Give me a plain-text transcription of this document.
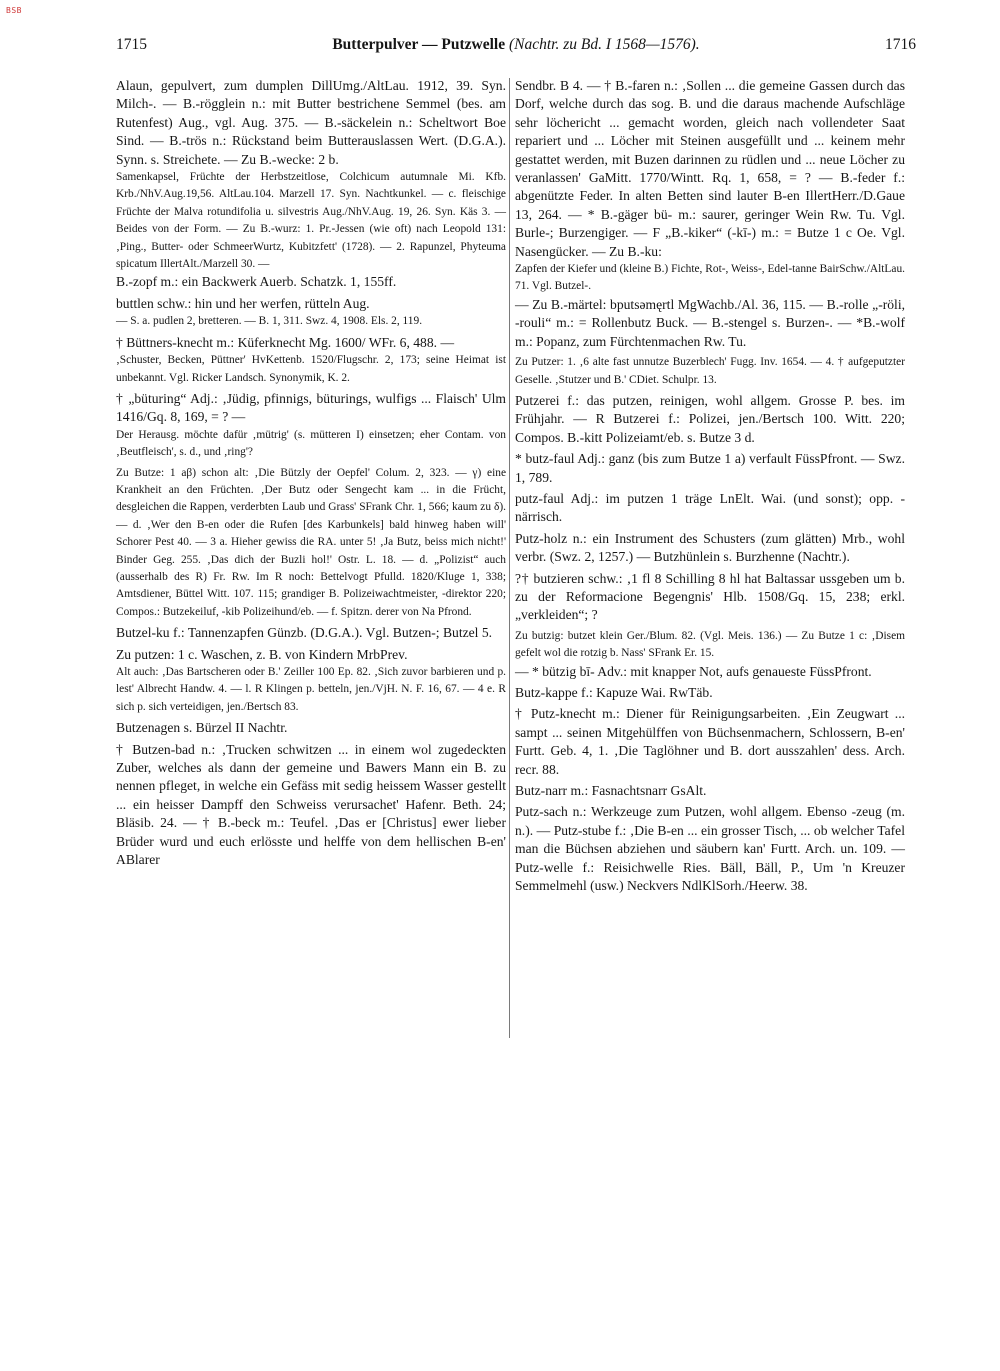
BSB
1715	Butterpulver — Putzwelle (Nachtr. zu Bd. I 1568—1576).	1716

Alaun, gepulvert, zum dumplen DillUmg./AltLau. 1912, 39. Syn. Milch-. — B.-rögglein n.: mit Butter bestrichene Semmel (bes. am Rutenfest) Aug., vgl. Aug. 375. — B.-säckelein n.: Scheltwort Boe Sind. — B.-trös n.: Rückstand beim Butterauslassen Wert. (D.G.A.). Synn. s. Streichete. — Zu B.-wecke: 2 b.

Samenkapsel, Früchte der Herbstzeitlose, Colchicum autumnale Mi. Kfb. Krb./NhV.Aug.19,56. AltLau.104. Marzell 17. Syn. Nachtkunkel. — c. fleischige Früchte der Malva rotundifolia u. silvestris Aug./NhV.Aug. 19, 26. Syn. Käs 3. — Beides von der Form. — Zu B.-wurz: 1. Pr.-Jessen (wie oft) nach Leopold 131: ‚Ping., Butter- oder SchmeerWurtz, Kubitzfett' (1728). — 2. Rapunzel, Phyteuma spicatum IllertAlt./Marzell 30. —

B.-zopf m.: ein Backwerk Auerb. Schatzk. 1, 155ff.

buttlen schw.: hin und her werfen, rütteln Aug.

— S. a. pudlen 2, bretteren. — B. 1, 311. Swz. 4, 1908. Els. 2, 119.

† Büttners-knecht m.: Küferknecht Mg. 1600/ WFr. 6, 488. —

‚Schuster, Becken, Püttner' HvKettenb. 1520/Flugschr. 2, 173; seine Heimat ist unbekannt. Vgl. Ricker Landsch. Synonymik, K. 2.

† „büturing“ Adj.: ‚Jüdig, pfinnigs, büturings, wulfigs ... Flaisch' Ulm 1416/Gq. 8, 169, = ? —

Der Herausg. möchte dafür ‚mütrig' (s. mütteren I) einsetzen; eher Contam. von ‚Beutfleisch', s. d., und ‚ring'?

Zu Butze: 1 aβ) schon alt: ‚Die Bützly der Oepfel' Colum. 2, 323. — γ) eine Krankheit an den Früchten. ‚Der Butz oder Sengecht kam ... in die Frücht, desgleichen die Rappen, verderbten Laub und Grass' SFrank Chr. 1, 566; kaum zu δ). — d. ‚Wer den B-en oder die Rufen [des Karbunkels] bald hinweg haben will' Schorer Pest 40. — 3 a. Hieher gewiss die RA. unter 5! ‚Ja Butz, beiss mich nicht!' Binder Geg. 255. ‚Das dich der Buzli hol!' Ostr. L. 18. — d. „Polizist“ auch (ausserhalb des R) Fr. Rw. Im R noch: Bettelvogt Pfulld. 1820/Kluge 1, 338; Amtsdiener, Büttel Witt. 107. 115; grandiger B. Polizeiwachtmeister, -direktor 220; Compos.: Butzekeiluf, -kib Polizeihund/eb. — f. Spitzn. derer von Na Pfrond.

Butzel-ku f.: Tannenzapfen Günzb. (D.G.A.). Vgl. Butzen-; Butzel 5.

Zu putzen: 1 c. Waschen, z. B. von Kindern MrbPrev.

Alt auch: ‚Das Bartscheren oder B.' Zeiller 100 Ep. 82. ‚Sich zuvor barbieren und p. lest' Albrecht Handw. 4. — l. R Klingen p. betteln, jen./VjH. N. F. 16, 67. — 4 e. R sich p. sich verteidigen, jen./Bertsch 83.

Butzenagen s. Bürzel II Nachtr.

† Butzen-bad n.: ‚Trucken schwitzen ... in einem wol zugedeckten Zuber, welches als dann der gemeine und Bawers Mann ein B. zu nennen pfleget, in welche ein Gefäss mit sedig heissem Wasser gestellt ... ein heisser Dampff den Schweiss verursachet' Hafenr. Beth. 24; Bläsib. 24. — † B.-beck m.: Teufel. ‚Das er [Christus] ewer lieber Brüder wurd und euch erlösste und helffe von dem hellischen B-en' ABlarer

Sendbr. B 4. — † B.-faren n.: ‚Sollen ... die gemeine Gassen durch das Dorf, welche durch das sog. B. und die daraus machende Aufschläge sehr löchericht ... gemacht worden, gleich nach vollendeter Saat repariert und ... Löcher mit Steinen ausgefüllt und ... keinem mehr gestattet werden, mit Buzen darinnen zu rüdlen und ... neue Löcher zu veranlassen' GaMitt. 1770/Wintt. Rq. 1, 658, = ? — B.-feder f.: abgenützte Feder. In alten Betten sind lauter B-en IllertHerr./D.Gaue 13, 264. — * B.-gäger bü- m.: saurer, geringer Wein Rw. Tu. Vgl. Burle-; Burzengiger. — F „B.-kiker“ (-kī-) m.: = Butze 1 c Oe. Vgl. Nasengücker. — Zu B.-ku:

Zapfen der Kiefer und (kleine B.) Fichte, Rot-, Weiss-, Edel-tanne BairSchw./AltLau. 71. Vgl. Butzel-.

— Zu B.-märtel: bputsəmęrtl MgWachb./Al. 36, 115. — B.-rolle „-röli, -rouli“ m.: = Rollenbutz Buck. — B.-stengel s. Burzen-. — *B.-wolf m.: Popanz, zum Fürchtenmachen Rw. Tu.

Zu Putzer: 1. ‚6 alte fast unnutze Buzerblech' Fugg. Inv. 1654. — 4. † aufgeputzter Geselle. ‚Stutzer und B.' CDiet. Schulpr. 13.

Putzerei f.: das putzen, reinigen, wohl allgem. Grosse P. bes. im Frühjahr. — R Butzerei f.: Polizei, jen./Bertsch 100. Witt. 220; Compos. B.-kitt Polizeiamt/eb. s. Butze 3 d.

* butz-faul Adj.: ganz (bis zum Butze 1 a) verfault FüssPfront. — Swz. 1, 789.

putz-faul Adj.: im putzen 1 träge LnElt. Wai. (und sonst); opp. -närrisch.

Putz-holz n.: ein Instrument des Schusters (zum glätten) Mrb., wohl verbr. (Swz. 2, 1257.) — Butzhünlein s. Burzhenne (Nachtr.).

?† butzieren schw.: ‚1 fl 8 Schilling 8 hl hat Baltassar ussgeben um b. zu der Reformacione Begengnis' Hlb. 1508/Gq. 15, 238; erkl. „verkleiden“; ?

Zu butzig: butzet klein Ger./Blum. 82. (Vgl. Meis. 136.) — Zu Butze 1 c: ‚Disem gefelt wol die rotzig b. Nass' SFrank Er. 15.

— * bützig bī- Adv.: mit knapper Not, aufs genaueste FüssPfront.

Butz-kappe f.: Kapuze Wai. RwTäb.

† Putz-knecht m.: Diener für Reinigungsarbeiten. ‚Ein Zeugwart ... sampt ... seinen Mitgehülffen von Büchsenmachern, Schlossern, B-en' Furtt. Geb. 4, 1. ‚Die Taglöhner und B. dort ausszahlen' dess. Arch. recr. 88.

Butz-narr m.: Fasnachtsnarr GsAlt.

Putz-sach n.: Werkzeuge zum Putzen, wohl allgem. Ebenso -zeug (m. n.). — Putz-stube f.: ‚Die B-en ... ein grosser Tisch, ... ob welcher Tafel man die Büchsen abziehen und säubern kan' Furtt. Arch. un. 109. — Putz-welle f.: Reisichwelle Ries. Bäll, Bäll, P., Um 'n Kreuzer Semmelmehl (usw.) Neckvers NdlKlSorh./Heerw. 38.
